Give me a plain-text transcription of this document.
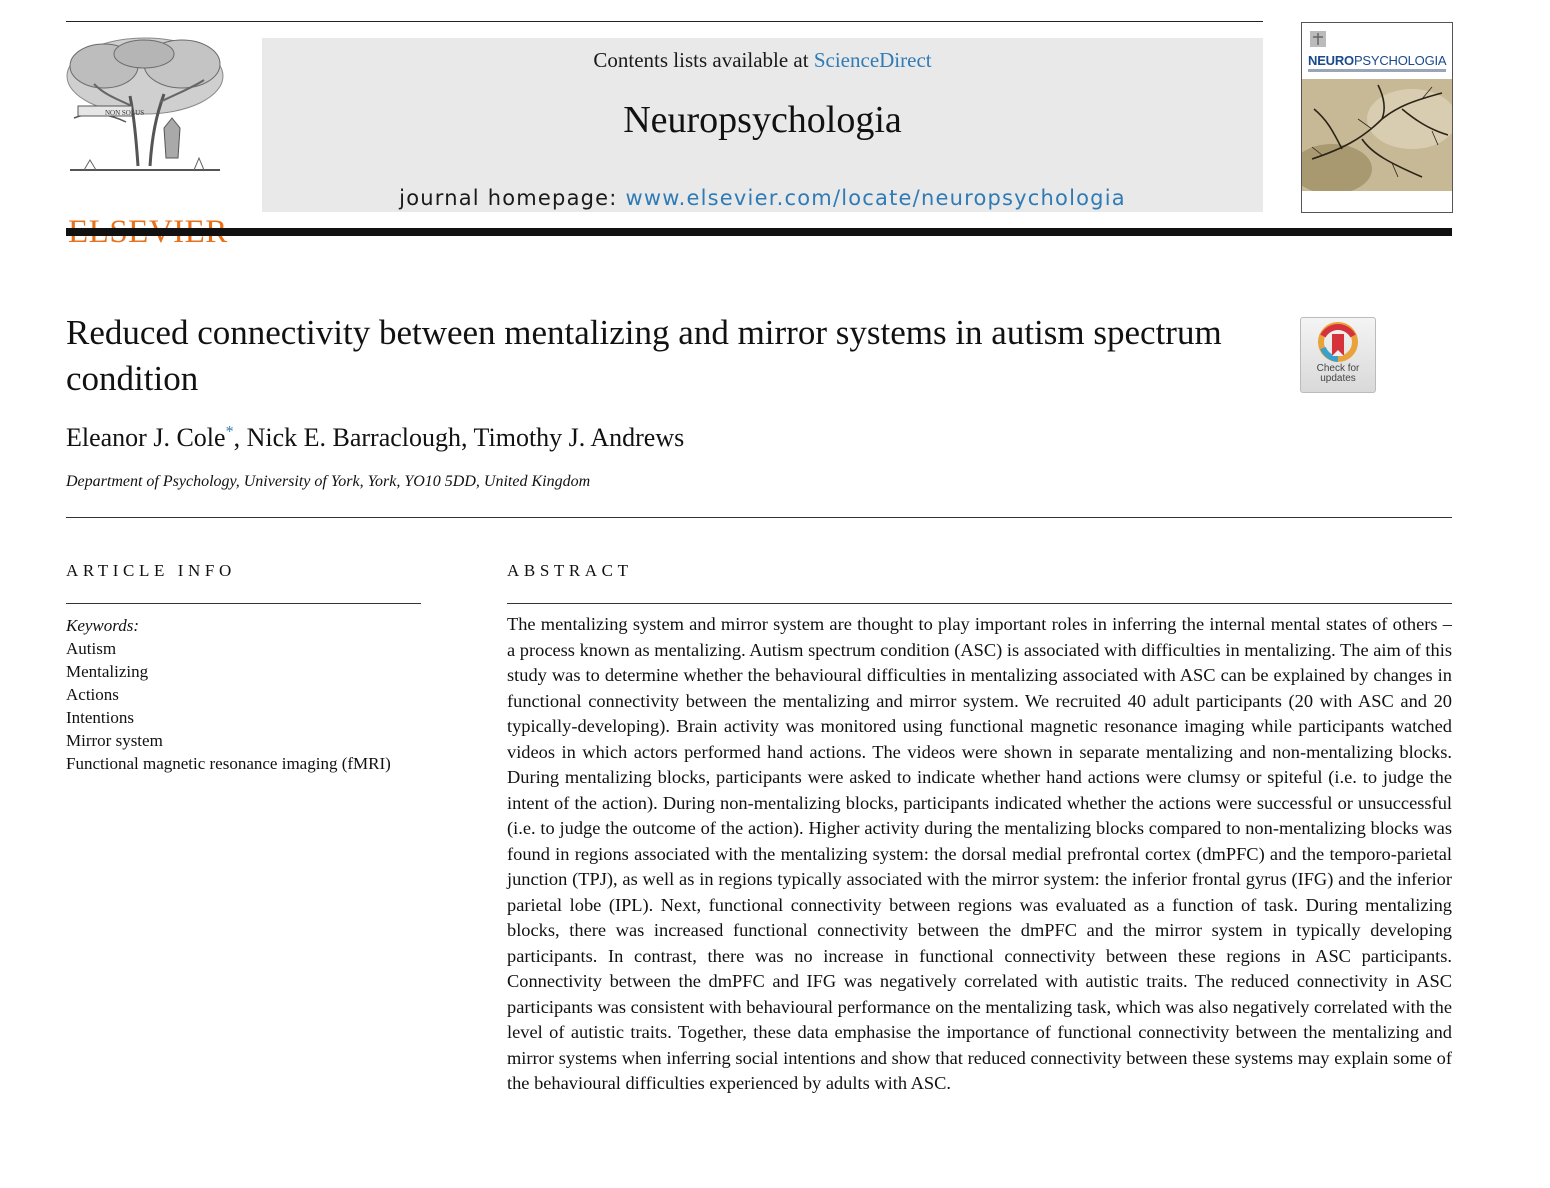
NON SOLUS
Contents lists available at ScienceDirect
Neuropsychologia
journal homepage: www.elsevier.com/locate/neuropsychologia
NEUROPSYCHOLOGIA
Reduced connectivity between mentalizing and mirror systems in autism spectrum condition	Check for
updates
Eleanor J. Cole*, Nick E. Barraclough, Timothy J. Andrews
Department of Psychology, University of York, York, YO10 5DD, United Kingdom
ARTICLE INFO
Keywords:
Autism
Mentalizing
Actions
Intentions
Mirror system
Functional magnetic resonance imaging (fMRI)
ABSTRACT

The mentalizing system and mirror system are thought to play important roles in inferring the internal mental states of others – a process known as mentalizing. Autism spectrum condition (ASC) is associated with difficulties in mentalizing. The aim of this study was to determine whether the behavioural difficulties in mentalizing associated with ASC can be explained by changes in functional connectivity between the mentalizing and mirror system. We recruited 40 adult participants (20 with ASC and 20 typically-developing). Brain activity was monitored using functional magnetic resonance imaging while participants watched videos in which actors performed hand actions. The videos were shown in separate mentalizing and non-mentalizing blocks. During mentalizing blocks, participants were asked to indicate whether hand actions were clumsy or spiteful (i.e. to judge the intent of the action). During non-mentalizing blocks, participants indicated whether the actions were successful or unsuccessful (i.e. to judge the outcome of the action). Higher activity during the mentalizing blocks compared to non-mentalizing blocks was found in regions associated with the mentalizing system: the dorsal medial prefrontal cortex (dmPFC) and the temporo-parietal junction (TPJ), as well as in regions typically associated with the mirror system: the inferior frontal gyrus (IFG) and the inferior parietal lobe (IPL). Next, functional connectivity between regions was evaluated as a function of task. During mentalizing blocks, there was increased functional connectivity between the dmPFC and the mirror system in typically developing participants. In contrast, there was no increase in functional connectivity between these regions in ASC participants. Connectivity between the dmPFC and IFG was negatively correlated with autistic traits. The reduced connectivity in ASC participants was consistent with behavioural performance on the mentalizing task, which was also negatively correlated with the level of autistic traits. Together, these data emphasise the importance of functional connectivity between the mentalizing and mirror systems when inferring social intentions and show that reduced connectivity between these systems may explain some of the behavioural difficulties experienced by adults with ASC.
